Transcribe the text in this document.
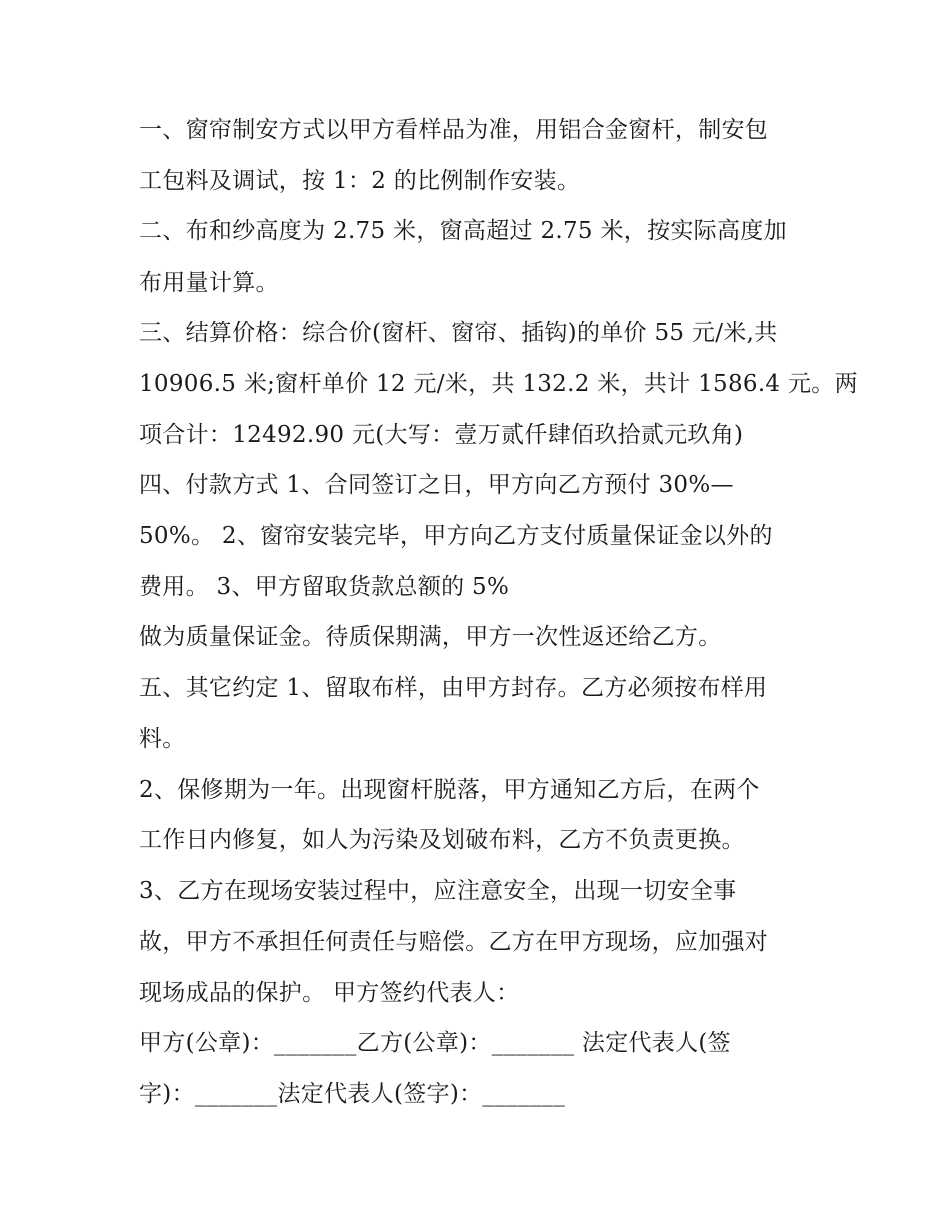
一、窗帘制安方式以甲方看样品为准，用铝合金窗杆，制安包
工包料及调试，按 1：2 的比例制作安装。
二、布和纱高度为 2.75 米，窗高超过 2.75 米，按实际高度加
布用量计算。
三、结算价格：综合价(窗杆、窗帘、插钩)的单价 55 元/米,共
10906.5 米;窗杆单价 12 元/米，共 132.2 米，共计 1586.4 元。两
项合计：12492.90 元(大写：壹万贰仟肆佰玖拾贰元玖角)
四、付款方式 1、合同签订之日，甲方向乙方预付 30%—
50%。 2、窗帘安装完毕，甲方向乙方支付质量保证金以外的
费用。 3、甲方留取货款总额的 5%
做为质量保证金。待质保期满，甲方一次性返还给乙方。
五、其它约定 1、留取布样，由甲方封存。乙方必须按布样用
料。
2、保修期为一年。出现窗杆脱落，甲方通知乙方后，在两个
工作日内修复，如人为污染及划破布料，乙方不负责更换。
3、乙方在现场安装过程中，应注意安全，出现一切安全事
故，甲方不承担任何责任与赔偿。乙方在甲方现场，应加强对
现场成品的保护。 甲方签约代表人：
甲方(公章)：_______乙方(公章)：_______ 法定代表人(签
字)：_______法定代表人(签字)：_______
